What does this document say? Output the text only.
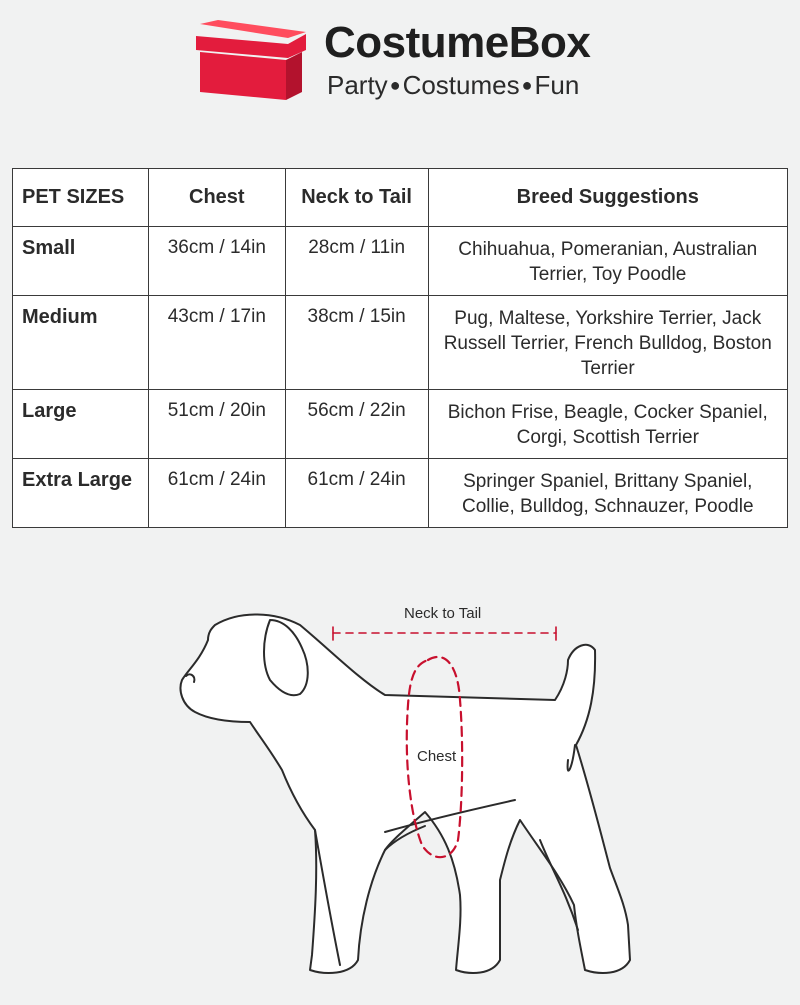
CostumeBox
Party ●Costumes ●Fun
PET SIZES	Chest	Neck to Tail	Breed Suggestions
Small	36cm / 14in	28cm / 11in	Chihuahua, Pomeranian, Australian Terrier, Toy Poodle
Medium	43cm / 17in	38cm / 15in	Pug, Maltese, Yorkshire Terrier, Jack Russell Terrier, French Bulldog, Boston Terrier
Large	51cm / 20in	56cm / 22in	Bichon Frise, Beagle, Cocker Spaniel, Corgi, Scottish Terrier
Extra Large	61cm / 24in	61cm / 24in	Springer Spaniel, Brittany Spaniel, Collie, Bulldog, Schnauzer, Poodle
Neck to Tail
Chest
